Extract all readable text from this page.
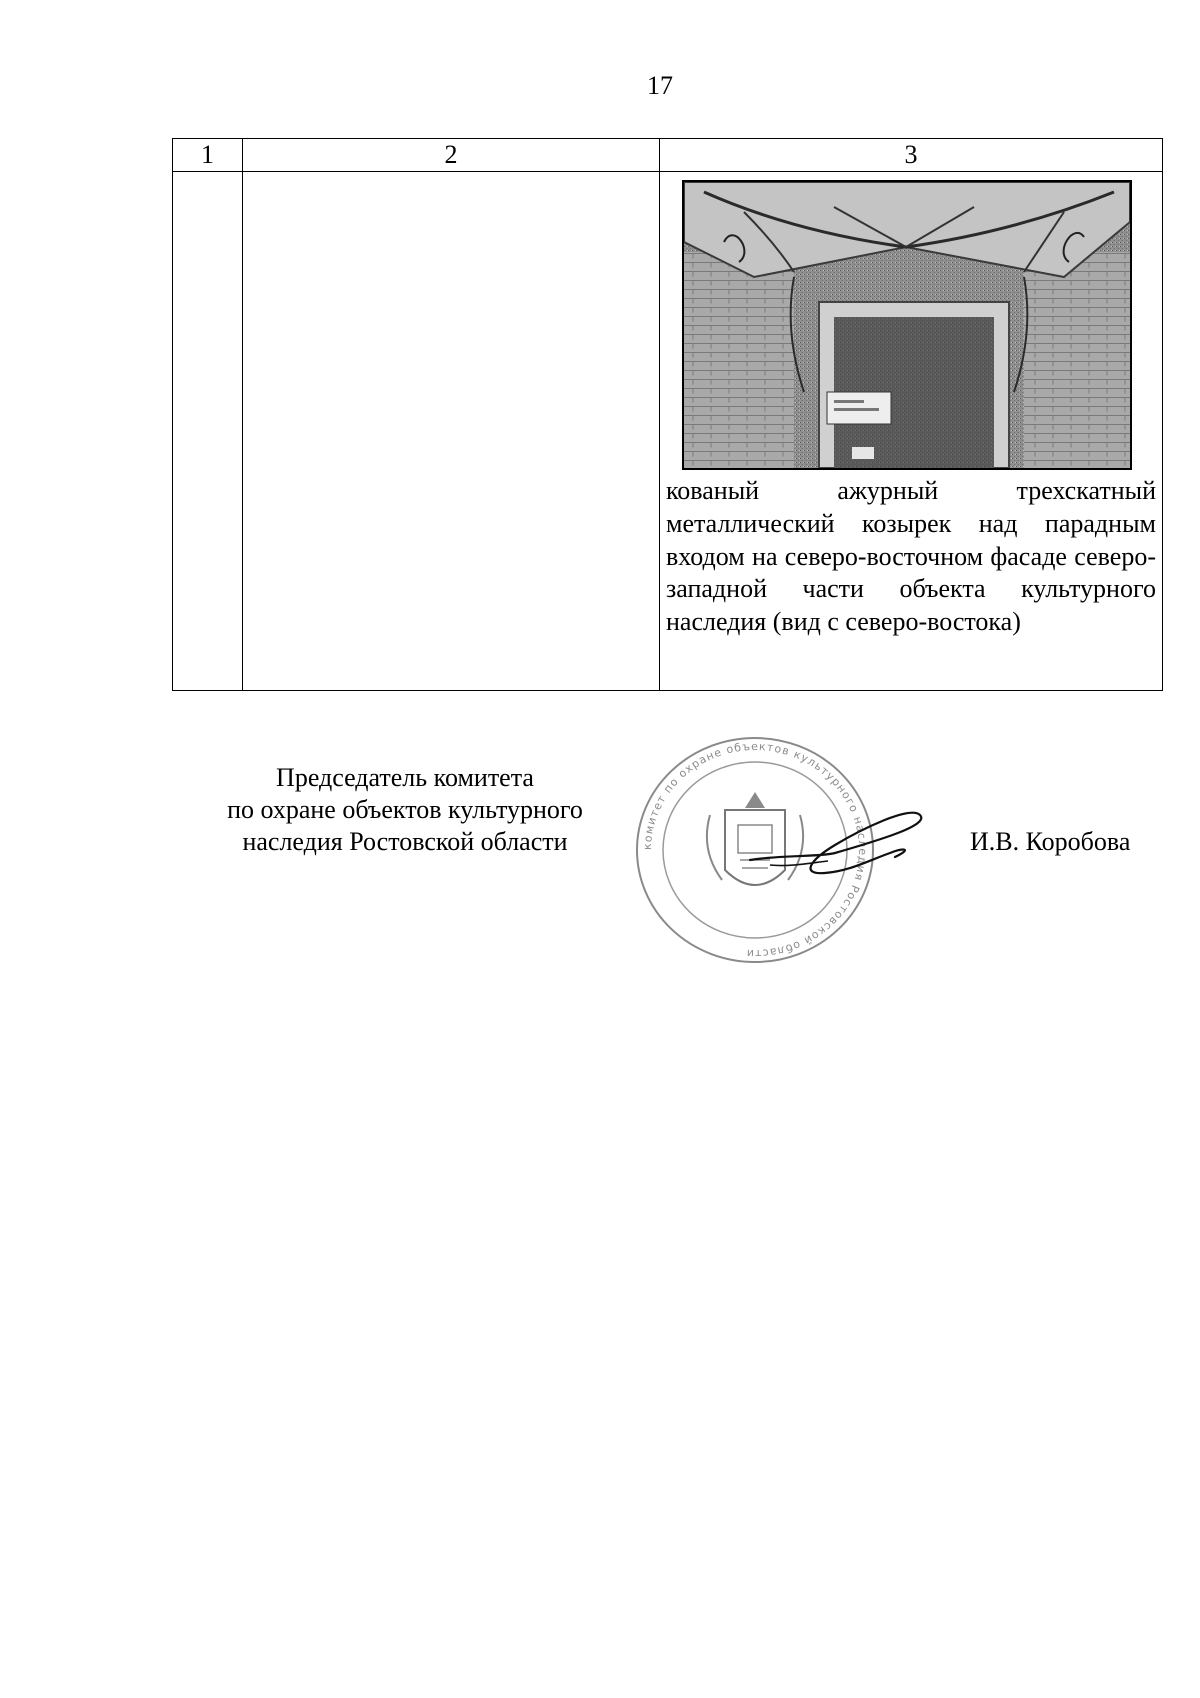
17
1	2	3

		кованый ажурный трехскатный металлический козырек над парадным входом на северо-восточном фасаде северо-западной части объекта культурного наследия (вид с северо-востока)
Председатель комитета
по охране объектов культурного
наследия Ростовской области	комитет по охране объектов культурного наследия Ростовской области
И.В. Коробова
